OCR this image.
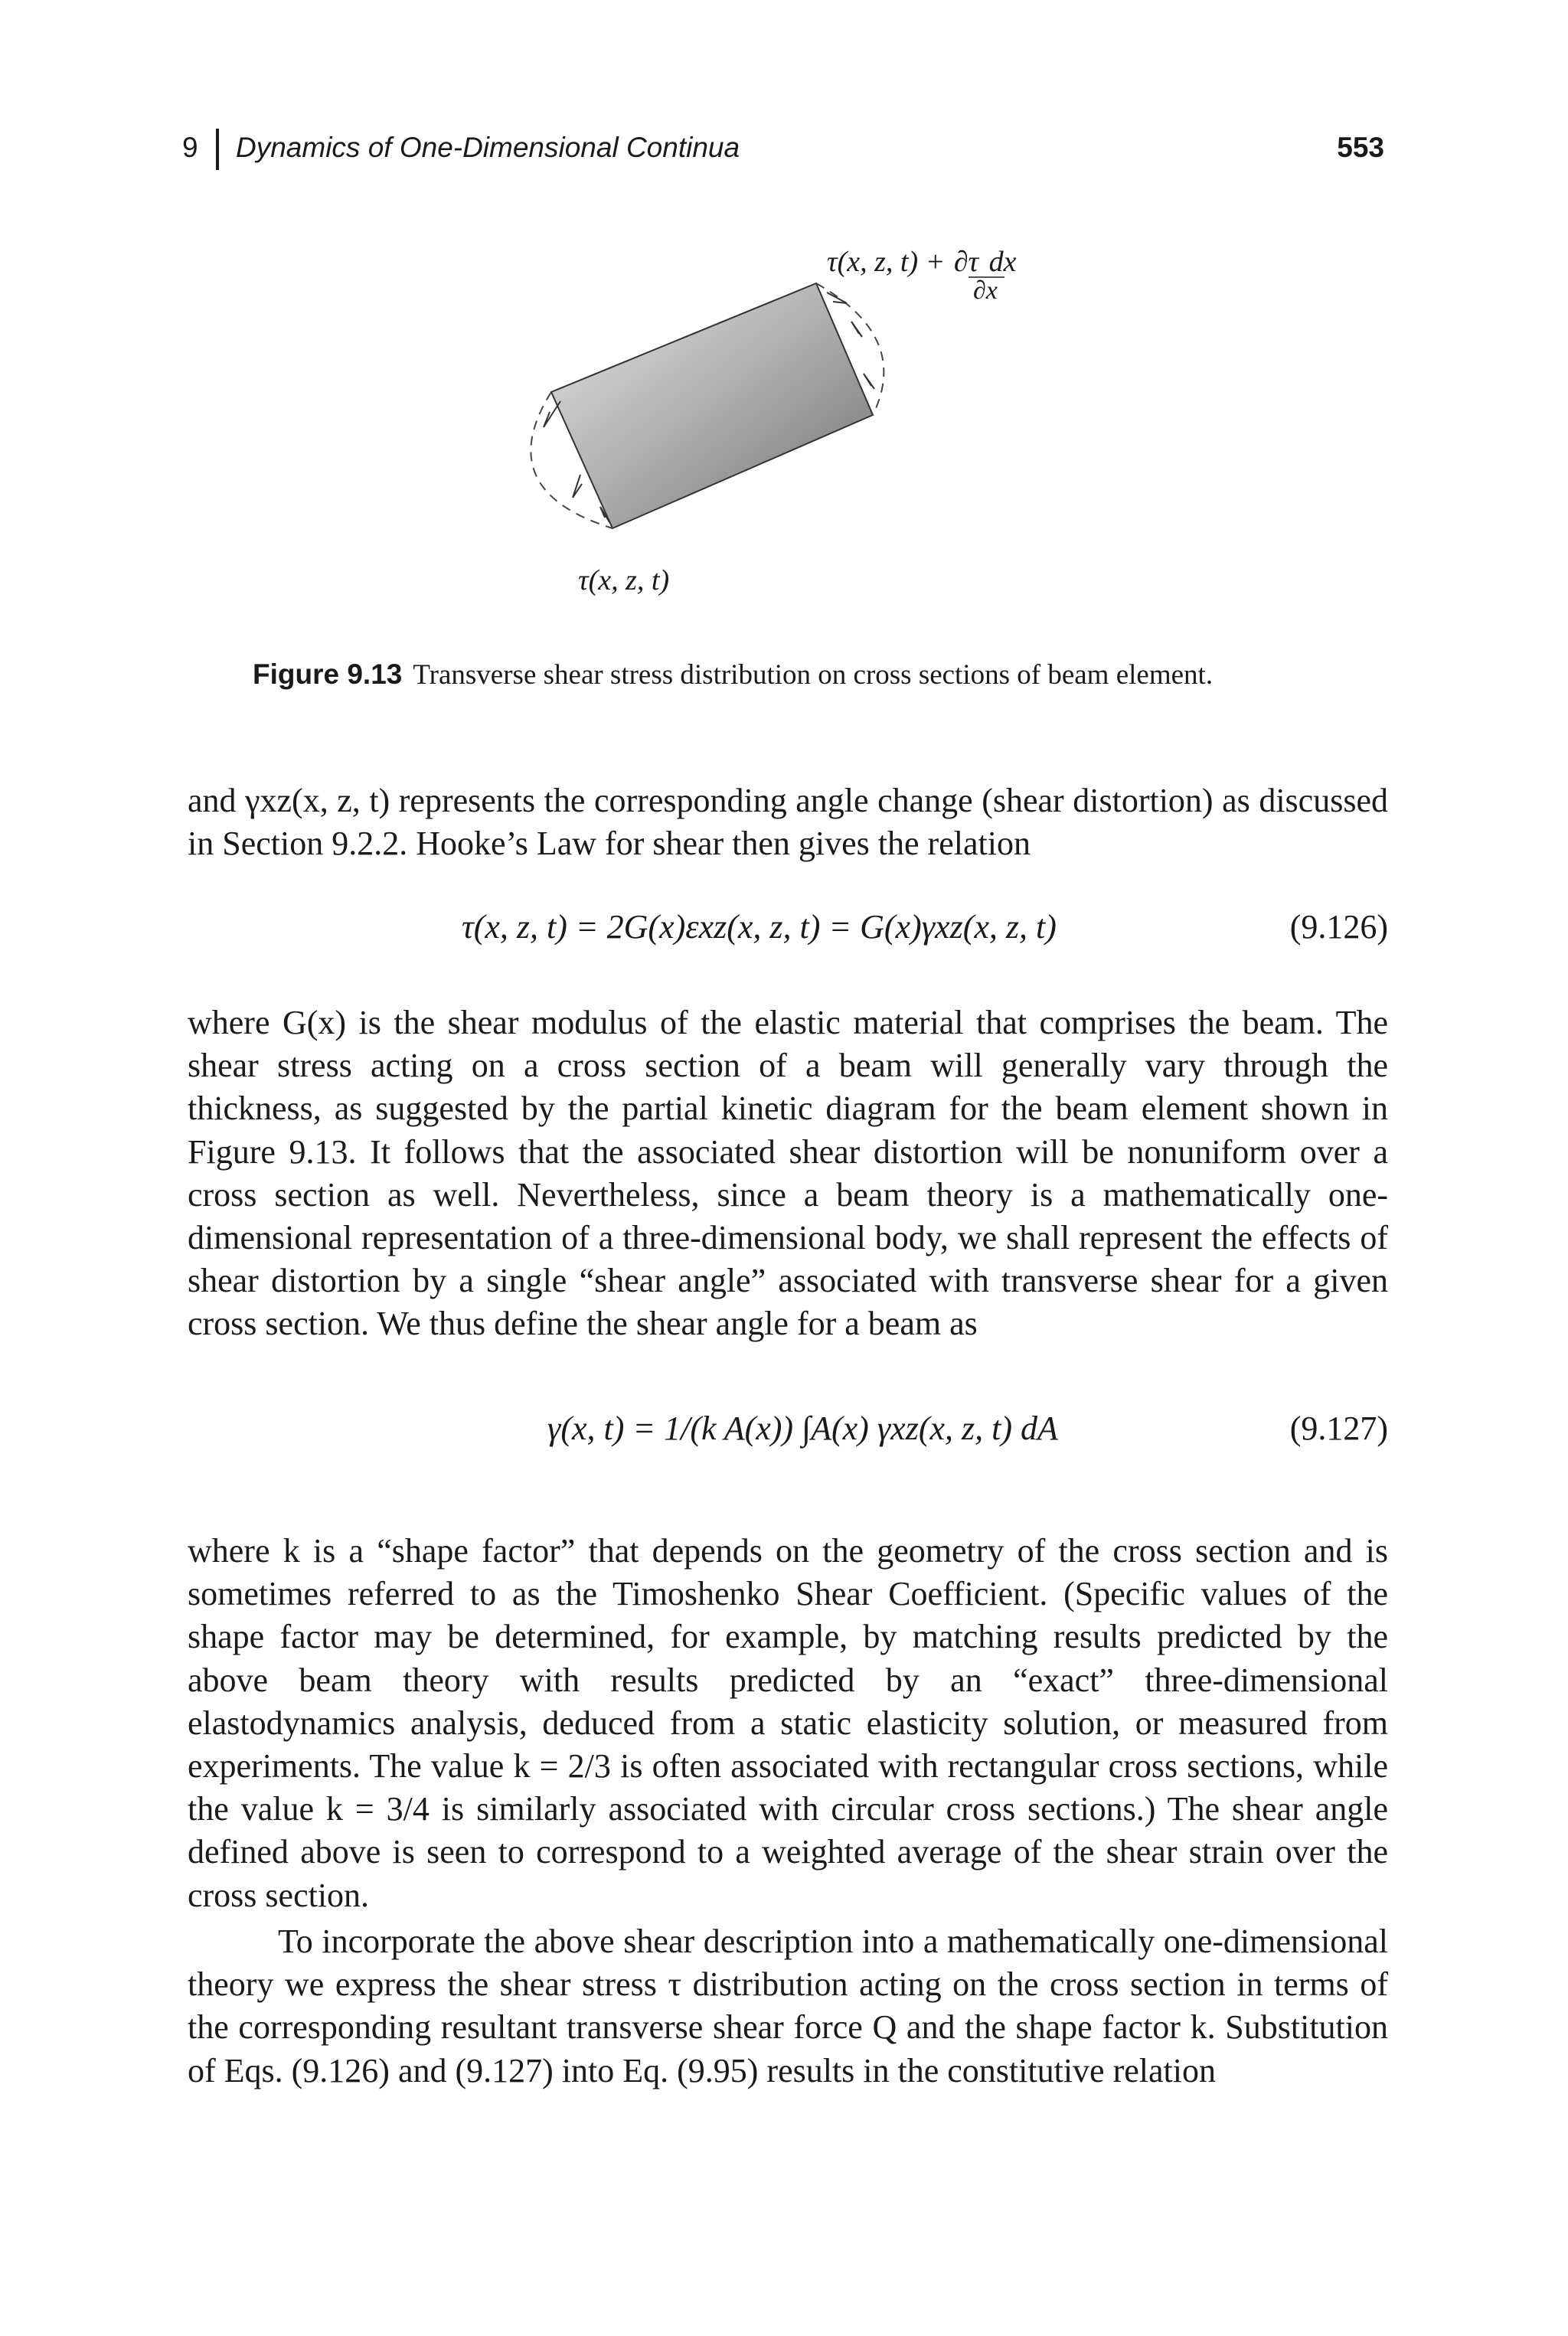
9 Dynamics of One-Dimensional Continua	553
τ(x, z, t) + ∂τ dx
∂x
τ(x, z, t)
Figure 9.13 Transverse shear stress distribution on cross sections of beam element.

and γxz(x, z, t) represents the corresponding angle change (shear distortion) as discussed in Section 9.2.2. Hooke’s Law for shear then gives the relation

τ(x, z, t) = 2G(x)εxz(x, z, t) = G(x)γxz(x, z, t)	(9.126)

where G(x) is the shear modulus of the elastic material that comprises the beam. The shear stress acting on a cross section of a beam will generally vary through the thickness, as suggested by the partial kinetic diagram for the beam element shown in Figure 9.13. It follows that the associated shear distortion will be nonuniform over a cross section as well. Nevertheless, since a beam theory is a mathematically one-dimensional representation of a three-dimensional body, we shall represent the effects of shear distortion by a single “shear angle” associated with transverse shear for a given cross section. We thus define the shear angle for a beam as

γ(x, t) = 1/(k A(x)) ∫A(x) γxz(x, z, t) dA	(9.127)

where k is a “shape factor” that depends on the geometry of the cross section and is sometimes referred to as the Timoshenko Shear Coefficient. (Specific values of the shape factor may be determined, for example, by matching results predicted by the above beam theory with results predicted by an “exact” three-dimensional elastodynamics analysis, deduced from a static elasticity solution, or measured from experiments. The value k = 2/3 is often associated with rectangular cross sections, while the value k = 3/4 is similarly associated with circular cross sections.) The shear angle defined above is seen to correspond to a weighted average of the shear strain over the cross section.

To incorporate the above shear description into a mathematically one-dimensional theory we express the shear stress τ distribution acting on the cross section in terms of the corresponding resultant transverse shear force Q and the shape factor k. Substitution of Eqs. (9.126) and (9.127) into Eq. (9.95) results in the constitutive relation
